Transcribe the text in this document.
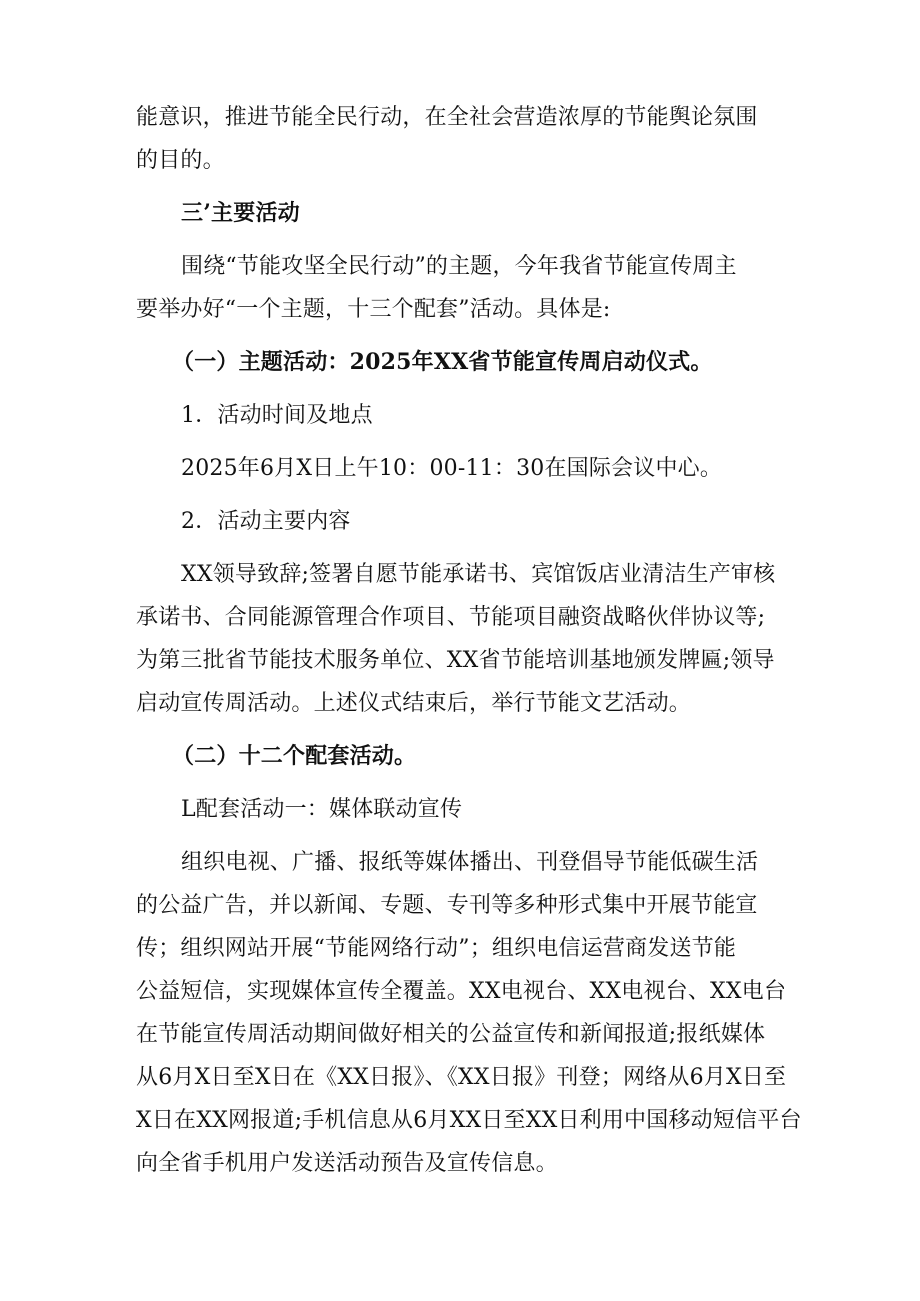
能意识，推进节能全民行动，在全社会营造浓厚的节能舆论氛围
的目的。
三’主要活动
围绕“节能攻坚全民行动”的主题，今年我省节能宣传周主
要举办好“一个主题，十三个配套”活动。具体是:
（一）主题活动：2025年XX省节能宣传周启动仪式。
1．活动时间及地点
2025年6月X日上午10：00-11：30在国际会议中心。
2．活动主要内容
XX领导致辞;签署自愿节能承诺书、宾馆饭店业清洁生产审核
承诺书、合同能源管理合作项目、节能项目融资战略伙伴协议等;
为第三批省节能技术服务单位、XX省节能培训基地颁发牌匾;领导
启动宣传周活动。上述仪式结束后，举行节能文艺活动。
（二）十二个配套活动。
L配套活动一：媒体联动宣传
组织电视、广播、报纸等媒体播出、刊登倡导节能低碳生活
的公益广告，并以新闻、专题、专刊等多种形式集中开展节能宣
传；组织网站开展“节能网络行动”；组织电信运营商发送节能
公益短信，实现媒体宣传全覆盖。XX电视台、XX电视台、XX电台
在节能宣传周活动期间做好相关的公益宣传和新闻报道;报纸媒体
从6月X日至X日在《XX日报》、《XX日报》刊登；网络从6月X日至
X日在XX网报道;手机信息从6月XX日至XX日利用中国移动短信平台
向全省手机用户发送活动预告及宣传信息。
